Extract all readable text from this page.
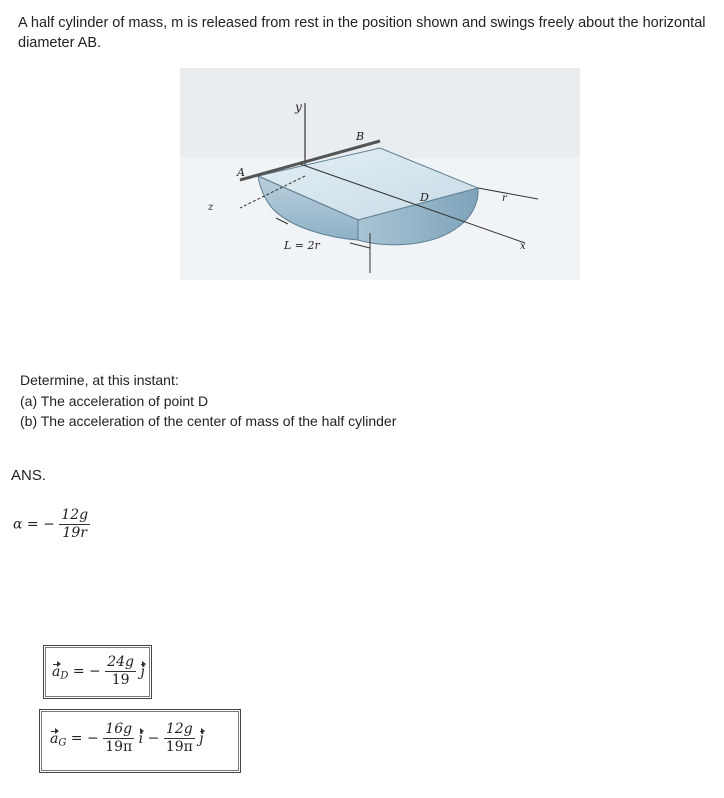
A half cylinder of mass, m is released from rest in the position shown and swings freely about the horizontal diameter AB.
y
B
A
D
z
L = 2r
r
x
Determine, at this instant:
(a) The acceleration of point D
(b) The acceleration of the center of mass of the half cylinder
ANS.
α = − $\frac{12g}{19r}$
$a_D$ = − $\frac{24g}{19}$ j
$a_G$ = − $\frac{16g}{19\pi}$ $i - \frac{12g}{19\pi}$ j
